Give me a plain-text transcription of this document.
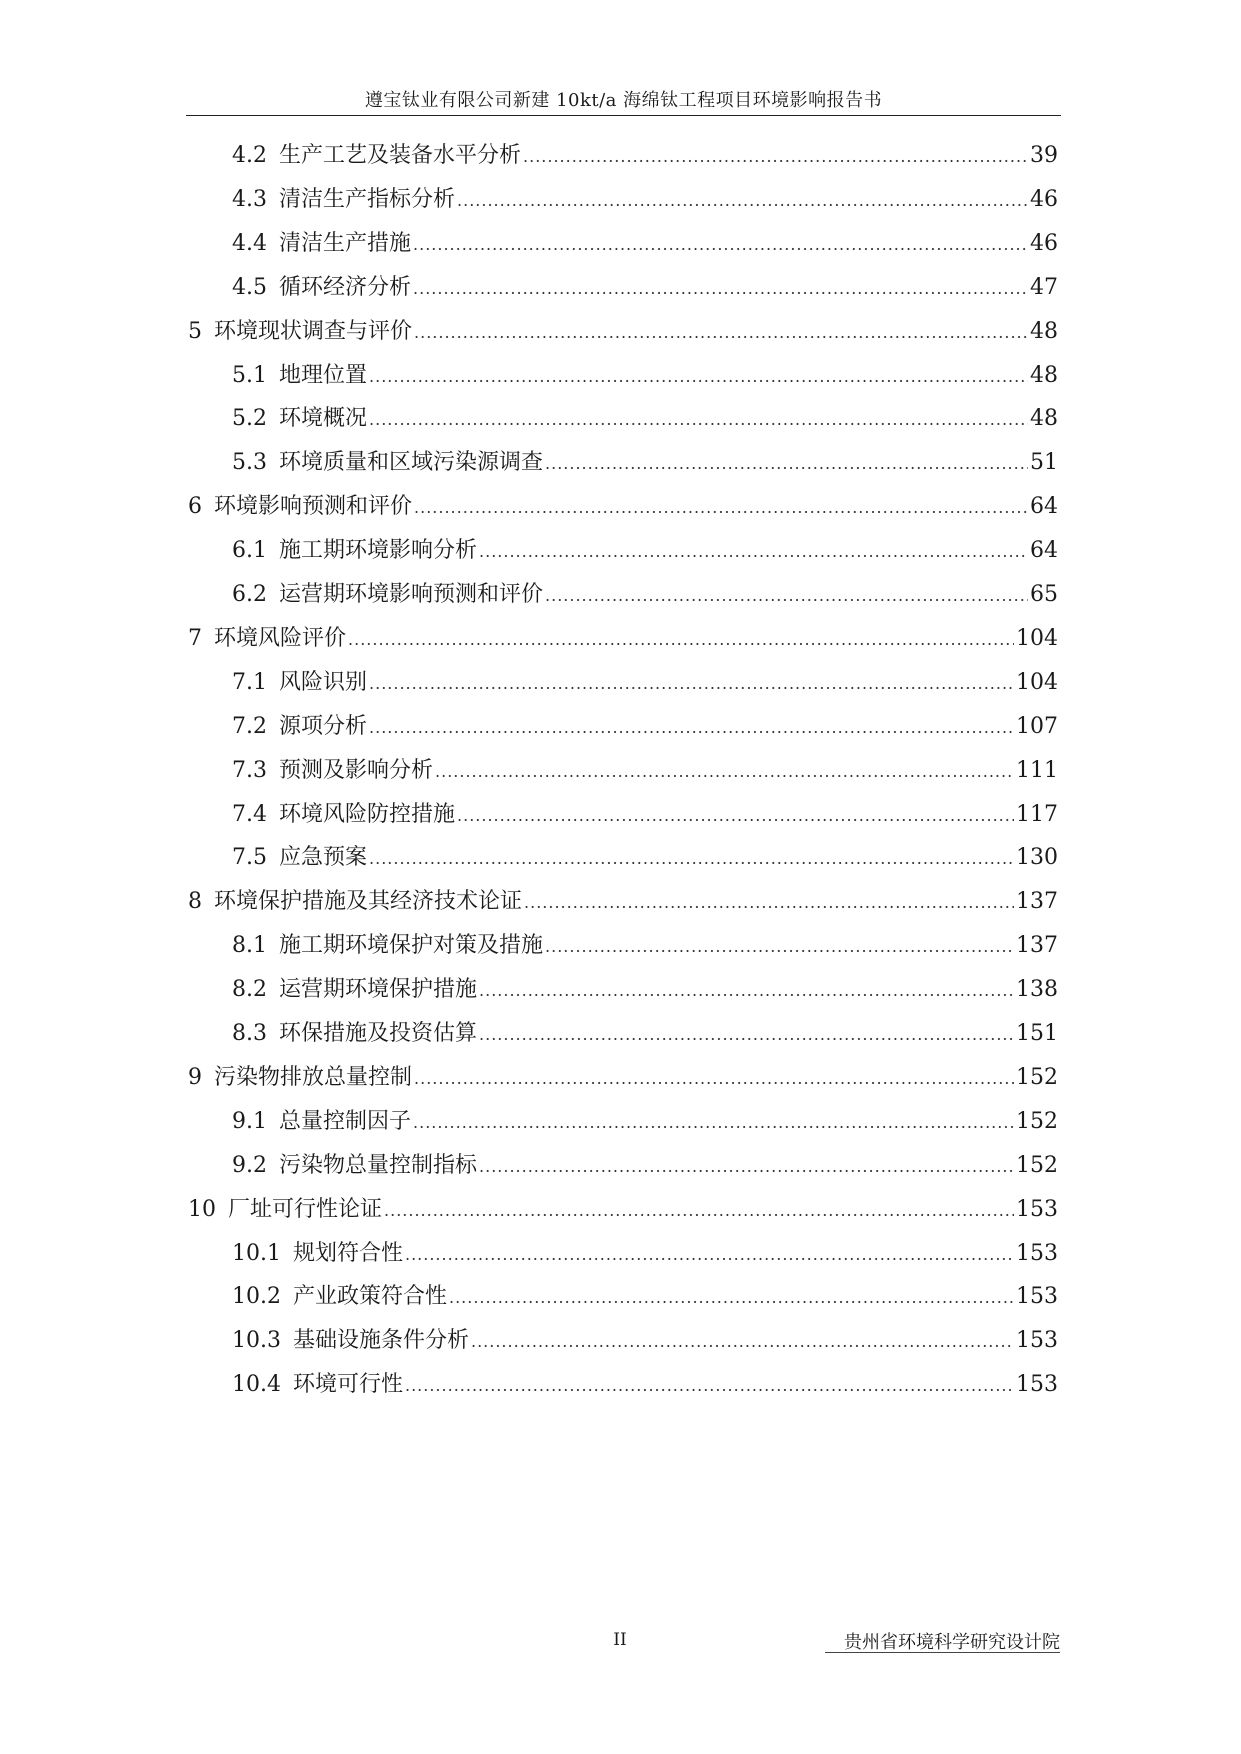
遵宝钛业有限公司新建 10kt/a 海绵钛工程项目环境影响报告书
4.2 生产工艺及装备水平分析 .....	39
4.3 清洁生产指标分析 .....	46
4.4 清洁生产措施 .....	46
4.5 循环经济分析 .....	47
5 环境现状调查与评价 .....	48
5.1 地理位置 .....	48
5.2 环境概况 .....	48
5.3 环境质量和区域污染源调查 .....	51
6 环境影响预测和评价 .....	64
6.1 施工期环境影响分析 .....	64
6.2 运营期环境影响预测和评价 .....	65
7 环境风险评价 .....	104
7.1 风险识别 .....	104
7.2 源项分析 .....	107
7.3 预测及影响分析 .....	111
7.4 环境风险防控措施 .....	117
7.5 应急预案 .....	130
8 环境保护措施及其经济技术论证 .....	137
8.1 施工期环境保护对策及措施 .....	137
8.2 运营期环境保护措施 .....	138
8.3 环保措施及投资估算 .....	151
9 污染物排放总量控制 .....	152
9.1 总量控制因子 .....	152
9.2 污染物总量控制指标 .....	152
10 厂址可行性论证 .....	153
10.1 规划符合性 .....	153
10.2 产业政策符合性 .....	153
10.3 基础设施条件分析 .....	153
10.4 环境可行性 .....	153
II	贵州省环境科学研究设计院
